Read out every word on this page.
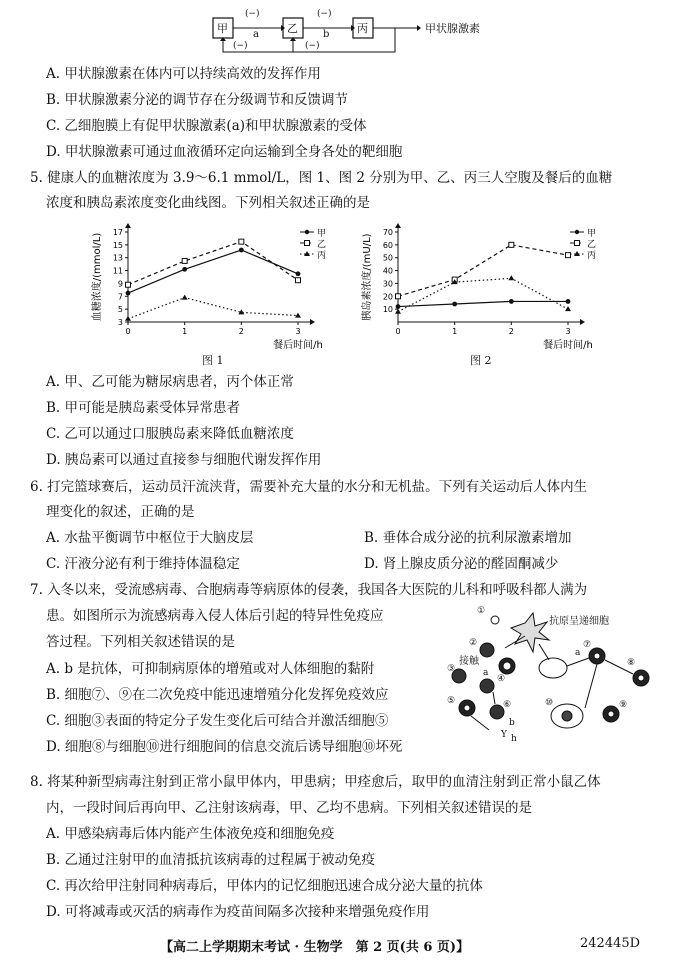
甲	乙	丙
(−)
a
(−)
b
(−)	(−)
甲状腺激素
A. 甲状腺激素在体内可以持续高效的发挥作用
B. 甲状腺激素分泌的调节存在分级调节和反馈调节
C. 乙细胞膜上有促甲状腺激素(a)和甲状腺激素的受体
D. 甲状腺激素可通过血液循环定向运输到全身各处的靶细胞
5. 健康人的血糖浓度为 3.9～6.1 mmol/L，图 1、图 2 分别为甲、乙、丙三人空腹及餐后的血糖
浓度和胰岛素浓度变化曲线图。下列相关叙述正确的是
3
5
7
9
11
13
15
17
0	1	2	3
餐后时间/h
血糖浓度/(mmol/L)	甲
乙
丙
图 1
10
20
30
40
50
60
70
0	1	2	3
餐后时间/h
胰岛素浓度/(mU/L)	甲
乙
丙
图 2
A. 甲、乙可能为糖尿病患者，丙个体正常
B. 甲可能是胰岛素受体异常患者
C. 乙可以通过口服胰岛素来降低血糖浓度
D. 胰岛素可以通过直接参与细胞代谢发挥作用
6. 打完篮球赛后，运动员汗流浃背，需要补充大量的水分和无机盐。下列有关运动后人体内生
理变化的叙述，正确的是
A. 水盐平衡调节中枢位于大脑皮层	B. 垂体合成分泌的抗利尿激素增加
C. 汗液分泌有利于维持体温稳定	D. 肾上腺皮质分泌的醛固酮减少
7. 入冬以来，受流感病毒、合胞病毒等病原体的侵袭，我国各大医院的儿科和呼吸科都人满为
患。如图所示为流感病毒入侵人体后引起的特异性免疫应
答过程。下列相关叙述错误的是
A. b 是抗体，可抑制病原体的增殖或对人体细胞的黏附
B. 细胞⑦、⑨在二次免疫中能迅速增殖分化发挥免疫效应
C. 细胞③表面的特定分子发生变化后可结合并激活细胞⑤
D. 细胞⑧与细胞⑩进行细胞间的信息交流后诱导细胞⑩坏死
抗原呈递细胞
①
②
③
④
⑤	⑥
⑦
⑧
⑨
⑩
接触
a
b
a
Y h
8. 将某种新型病毒注射到正常小鼠甲体内，甲患病；甲痊愈后，取甲的血清注射到正常小鼠乙体
内，一段时间后再向甲、乙注射该病毒，甲、乙均不患病。下列相关叙述错误的是
A. 甲感染病毒后体内能产生体液免疫和细胞免疫
B. 乙通过注射甲的血清抵抗该病毒的过程属于被动免疫
C. 再次给甲注射同种病毒后，甲体内的记忆细胞迅速合成分泌大量的抗体
D. 可将减毒或灭活的病毒作为疫苗间隔多次接种来增强免疫作用
【高二上学期期末考试 · 生物学　第 2 页(共 6 页)】	242445D
